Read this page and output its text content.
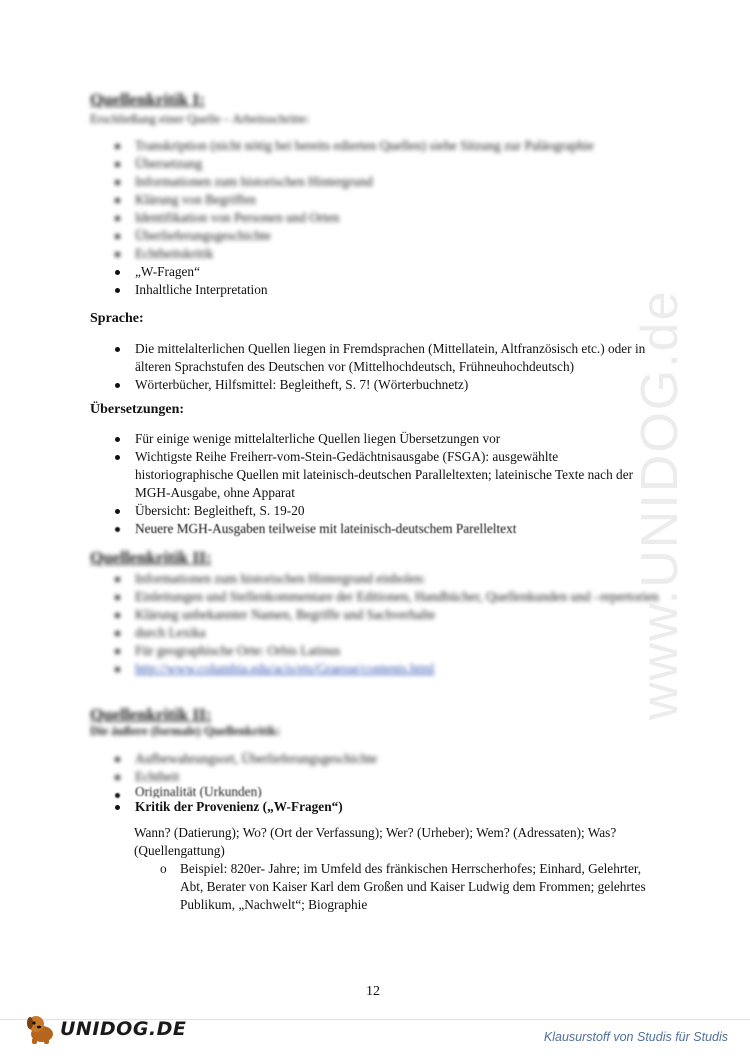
www.UNIDOG.de
Quellenkritik I:
Erschließung einer Quelle – Arbeitsschritte:
Transkription (nicht nötig bei bereits edierten Quellen) siehe Sitzung zur Paläographie
Übersetzung
Informationen zum historischen Hintergrund
Klärung von Begriffen
Identifikation von Personen und Orten
Überlieferungsgeschichte
Echtheitskritik
„W-Fragen“
Inhaltliche Interpretation
Sprache:
Die mittelalterlichen Quellen liegen in Fremdsprachen (Mittellatein, Altfranzösisch etc.) oder in älteren Sprachstufen des Deutschen vor (Mittelhochdeutsch, Frühneuhochdeutsch)
Wörterbücher, Hilfsmittel: Begleitheft, S. 7! (Wörterbuchnetz)
Übersetzungen:
Für einige wenige mittelalterliche Quellen liegen Übersetzungen vor
Wichtigste Reihe Freiherr-vom-Stein-Gedächtnisausgabe (FSGA): ausgewählte historiographische Quellen mit lateinisch-deutschen Paralleltexten; lateinische Texte nach der MGH-Ausgabe, ohne Apparat
Übersicht: Begleitheft, S. 19-20
Neuere MGH-Ausgaben teilweise mit lateinisch-deutschem Parelleltext
Quellenkritik II:
Informationen zum historischen Hintergrund einholen:
Einleitungen und Stellenkommentare der Editionen, Handbücher, Quellenkunden und –repertorien
Klärung unbekannter Namen, Begriffe und Sachverhalte
durch Lexika
Für geographische Orte: Orbis Latinus
http://www.columbia.edu/acis/ets/Graesse/contents.html
Quellenkritik II:
Die äußere (formale) Quellenkritik:
Aufbewahrungsort, Überlieferungsgeschichte
Echtheit
Originalität (Urkunden)
Kritik der Provenienz („W-Fragen“)
Wann? (Datierung); Wo? (Ort der Verfassung); Wer? (Urheber); Wem? (Adressaten); Was? (Quellengattung)
o Beispiel: 820er- Jahre; im Umfeld des fränkischen Herrscherhofes; Einhard, Gelehrter, Abt, Berater von Kaiser Karl dem Großen und Kaiser Ludwig dem Frommen; gelehrtes Publikum, „Nachwelt“; Biographie
12
UNIDOG.DE	Klausurstoff von Studis für Studis
